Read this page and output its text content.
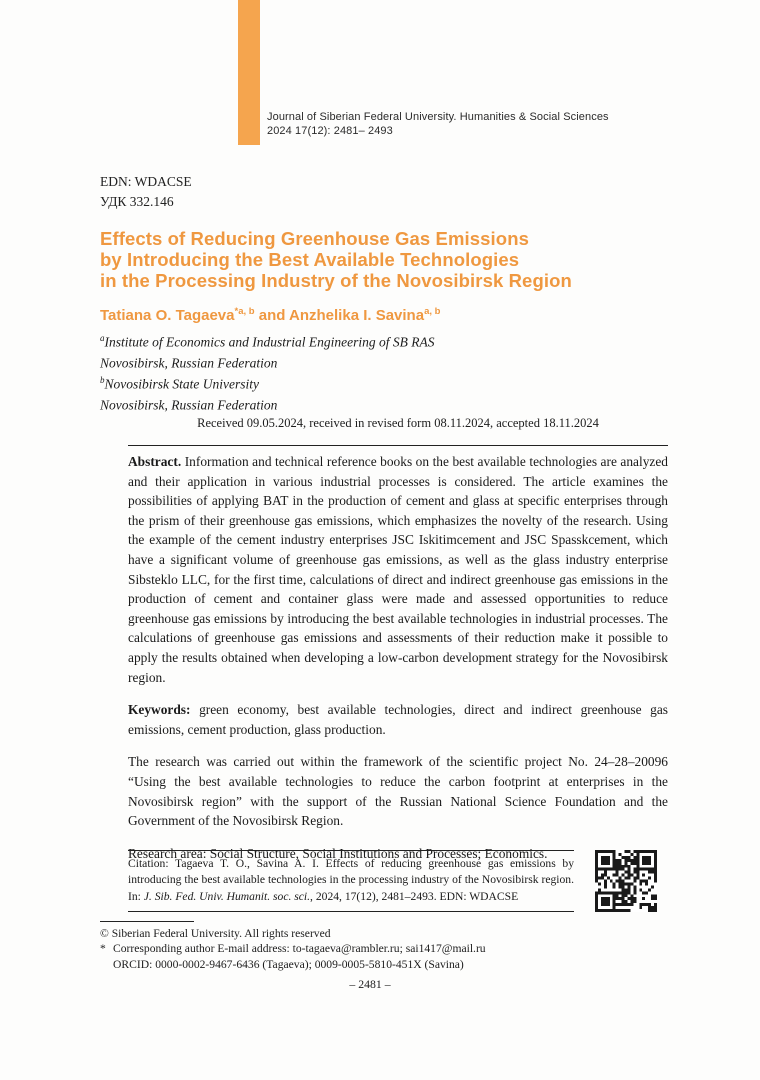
Journal of Siberian Federal University. Humanities & Social Sciences
2024 17(12): 2481– 2493
EDN: WDACSE
УДК 332.146
Effects of Reducing Greenhouse Gas Emissions
by Introducing the Best Available Technologies
in the Processing Industry of the Novosibirsk Region
Tatiana O. Tagaeva$^{*a, b}$ and Anzhelika I. Savina$^{a, b}$
$^a$Institute of Economics and Industrial Engineering of SB RAS
Novosibirsk, Russian Federation
$^b$Novosibirsk State University
Novosibirsk, Russian Federation
Received 09.05.2024, received in revised form 08.11.2024, accepted 18.11.2024

Abstract. Information and technical reference books on the best available technologies are analyzed and their application in various industrial processes is considered. The article examines the possibilities of applying BAT in the production of cement and glass at specific enterprises through the prism of their greenhouse gas emissions, which emphasizes the novelty of the research. Using the example of the cement industry enterprises JSC Iskitimcement and JSC Spasskcement, which have a significant volume of greenhouse gas emissions, as well as the glass industry enterprise Sibsteklo LLC, for the first time, calculations of direct and indirect greenhouse gas emissions in the production of cement and container glass were made and assessed opportunities to reduce greenhouse gas emissions by introducing the best available technologies in industrial processes. The calculations of greenhouse gas emissions and assessments of their reduction make it possible to apply the results obtained when developing a low-carbon development strategy for the Novosibirsk region.

Keywords: green economy, best available technologies, direct and indirect greenhouse gas emissions, cement production, glass production.

The research was carried out within the framework of the scientific project No. 24–28–20096 “Using the best available technologies to reduce the carbon footprint at enterprises in the Novosibirsk region” with the support of the Russian National Science Foundation and the Government of the Novosibirsk Region.

Research area: Social Structure, Social Institutions and Processes; Economics.

Citation: Tagaeva T. O., Savina A. I. Effects of reducing greenhouse gas emissions by introducing the best available technologies in the processing industry of the Novosibirsk region. In: J. Sib. Fed. Univ. Humanit. soc. sci., 2024, 17(12), 2481–2493. EDN: WDACSE
© Siberian Federal University. All rights reserved
* Corresponding author E-mail address: to-tagaeva@rambler.ru; sai1417@mail.ru
ORCID: 0000-0002-9467-6436 (Tagaeva); 0009-0005-5810-451X (Savina)
– 2481 –
